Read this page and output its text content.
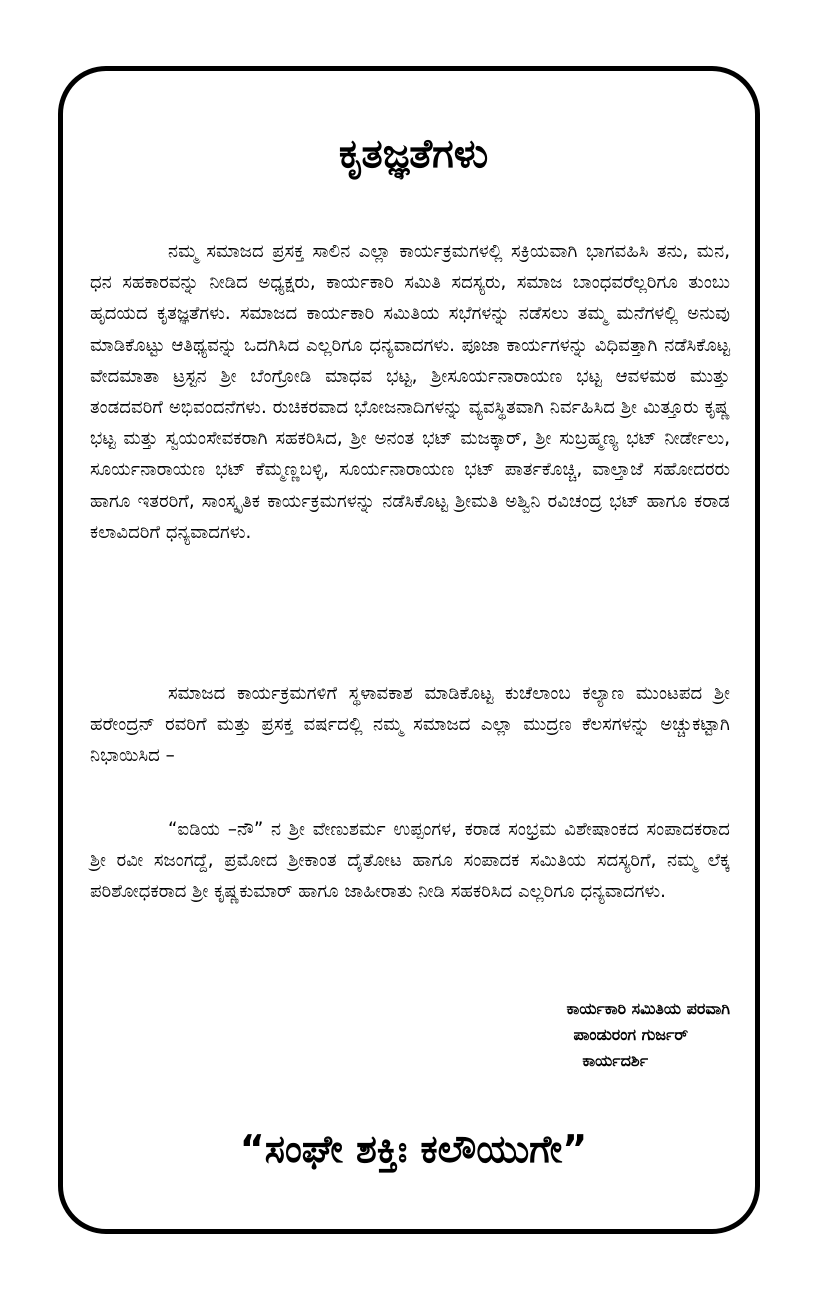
ಕೃತಜ್ಞತೆಗಳು

ನಮ್ಮ ಸಮಾಜದ ಪ್ರಸಕ್ತ ಸಾಲಿನ ಎಲ್ಲಾ ಕಾರ್ಯಕ್ರಮಗಳಲ್ಲಿ ಸಕ್ರಿಯವಾಗಿ ಭಾಗವಹಿಸಿ ತನು, ಮನ, ಧನ ಸಹಕಾರವನ್ನು ನೀಡಿದ ಅಧ್ಯಕ್ಷರು, ಕಾರ್ಯಕಾರಿ ಸಮಿತಿ ಸದಸ್ಯರು, ಸಮಾಜ ಬಾಂಧವರೆಲ್ಲರಿಗೂ ತುಂಬು ಹೃದಯದ ಕೃತಜ್ಞತೆಗಳು. ಸಮಾಜದ ಕಾರ್ಯಕಾರಿ ಸಮಿತಿಯ ಸಭೆಗಳನ್ನು ನಡೆಸಲು ತಮ್ಮ ಮನೆಗಳಲ್ಲಿ ಅನುವು ಮಾಡಿಕೊಟ್ಟು ಆತಿಥ್ಯವನ್ನು ಒದಗಿಸಿದ ಎಲ್ಲರಿಗೂ ಧನ್ಯವಾದಗಳು. ಪೂಜಾ ಕಾರ್ಯಗಳನ್ನು ವಿಧಿವತ್ತಾಗಿ ನಡೆಸಿಕೊಟ್ಟ ವೇದಮಾತಾ ಟ್ರಸ್ಟನ ಶ್ರೀ ಬೆಂಗ್ರೋಡಿ ಮಾಧವ ಭಟ್ಟ, ಶ್ರೀಸೂರ್ಯನಾರಾಯಣ ಭಟ್ಟ ಆವಳಮಠ ಮುತ್ತು ತಂಡದವರಿಗೆ ಅಭಿವಂದನೆಗಳು. ರುಚಿಕರವಾದ ಭೋಜನಾದಿಗಳನ್ನು ವ್ಯವಸ್ಥಿತವಾಗಿ ನಿರ್ವಹಿಸಿದ ಶ್ರೀ ಮಿತ್ತೂರು ಕೃಷ್ಣ ಭಟ್ಟ ಮತ್ತು ಸ್ವಯಂಸೇವಕರಾಗಿ ಸಹಕರಿಸಿದ, ಶ್ರೀ ಅನಂತ ಭಟ್ ಮಜಕ್ಕಾರ್, ಶ್ರೀ ಸುಬ್ರಹ್ಮಣ್ಯ ಭಟ್ ನೀರ್ಡೇಲು, ಸೂರ್ಯನಾರಾಯಣ ಭಟ್ ಕೆಮ್ಮಣ್ಣಬಳ್ಳಿ, ಸೂರ್ಯನಾರಾಯಣ ಭಟ್ ಪಾರ್ತಕೊಚ್ಚಿ, ವಾಲ್ತಾಜೆ ಸಹೋದರರು ಹಾಗೂ ಇತರರಿಗೆ, ಸಾಂಸ್ಕೃತಿಕ ಕಾರ್ಯಕ್ರಮಗಳನ್ನು ನಡೆಸಿಕೊಟ್ಟ ಶ್ರೀಮತಿ ಅಶ್ವಿನಿ ರವಿಚಂದ್ರ ಭಟ್ ಹಾಗೂ ಕರಾಡ ಕಲಾವಿದರಿಗೆ ಧನ್ಯವಾದಗಳು.

ಸಮಾಜದ ಕಾರ್ಯಕ್ರಮಗಳಿಗೆ ಸ್ಥಳಾವಕಾಶ ಮಾಡಿಕೊಟ್ಟ ಕುಚೆಲಾಂಬ ಕಲ್ಯಾಣ ಮುಂಟಪದ ಶ್ರೀ ಹರೇಂದ್ರನ್ ರವರಿಗೆ ಮತ್ತು ಪ್ರಸಕ್ತ ವರ್ಷದಲ್ಲಿ ನಮ್ಮ ಸಮಾಜದ ಎಲ್ಲಾ ಮುದ್ರಣ ಕೆಲಸಗಳನ್ನು ಅಚ್ಚುಕಟ್ಟಾಗಿ ನಿಭಾಯಿಸಿದ –

“ಐಡಿಯ –ನೌ” ನ ಶ್ರೀ ವೇಣುಶರ್ಮ ಉಪ್ಪಂಗಳ, ಕರಾಡ ಸಂಭ್ರಮ ವಿಶೇಷಾಂಕದ ಸಂಪಾದಕರಾದ ಶ್ರೀ ರವೀ ಸಜಂಗದ್ದೆ, ಪ್ರಮೋದ ಶ್ರೀಕಾಂತ ದೈತೋಟ ಹಾಗೂ ಸಂಪಾದಕ ಸಮಿತಿಯ ಸದಸ್ಯರಿಗೆ, ನಮ್ಮ ಲೆಕ್ಕ ಪರಿಶೋಧಕರಾದ ಶ್ರೀ ಕೃಷ್ಣಕುಮಾರ್ ಹಾಗೂ ಜಾಹೀರಾತು ನೀಡಿ ಸಹಕರಿಸಿದ ಎಲ್ಲರಿಗೂ ಧನ್ಯವಾದಗಳು.

ಕಾರ್ಯಕಾರಿ ಸಮಿತಿಯ ಪರವಾಗಿ
ಪಾಂಡುರಂಗ ಗುರ್ಜರ್
ಕಾರ್ಯದರ್ಶಿ

“ಸಂಘೇ ಶಕ್ತಿಃ ಕಲೌಯುಗೇ”
